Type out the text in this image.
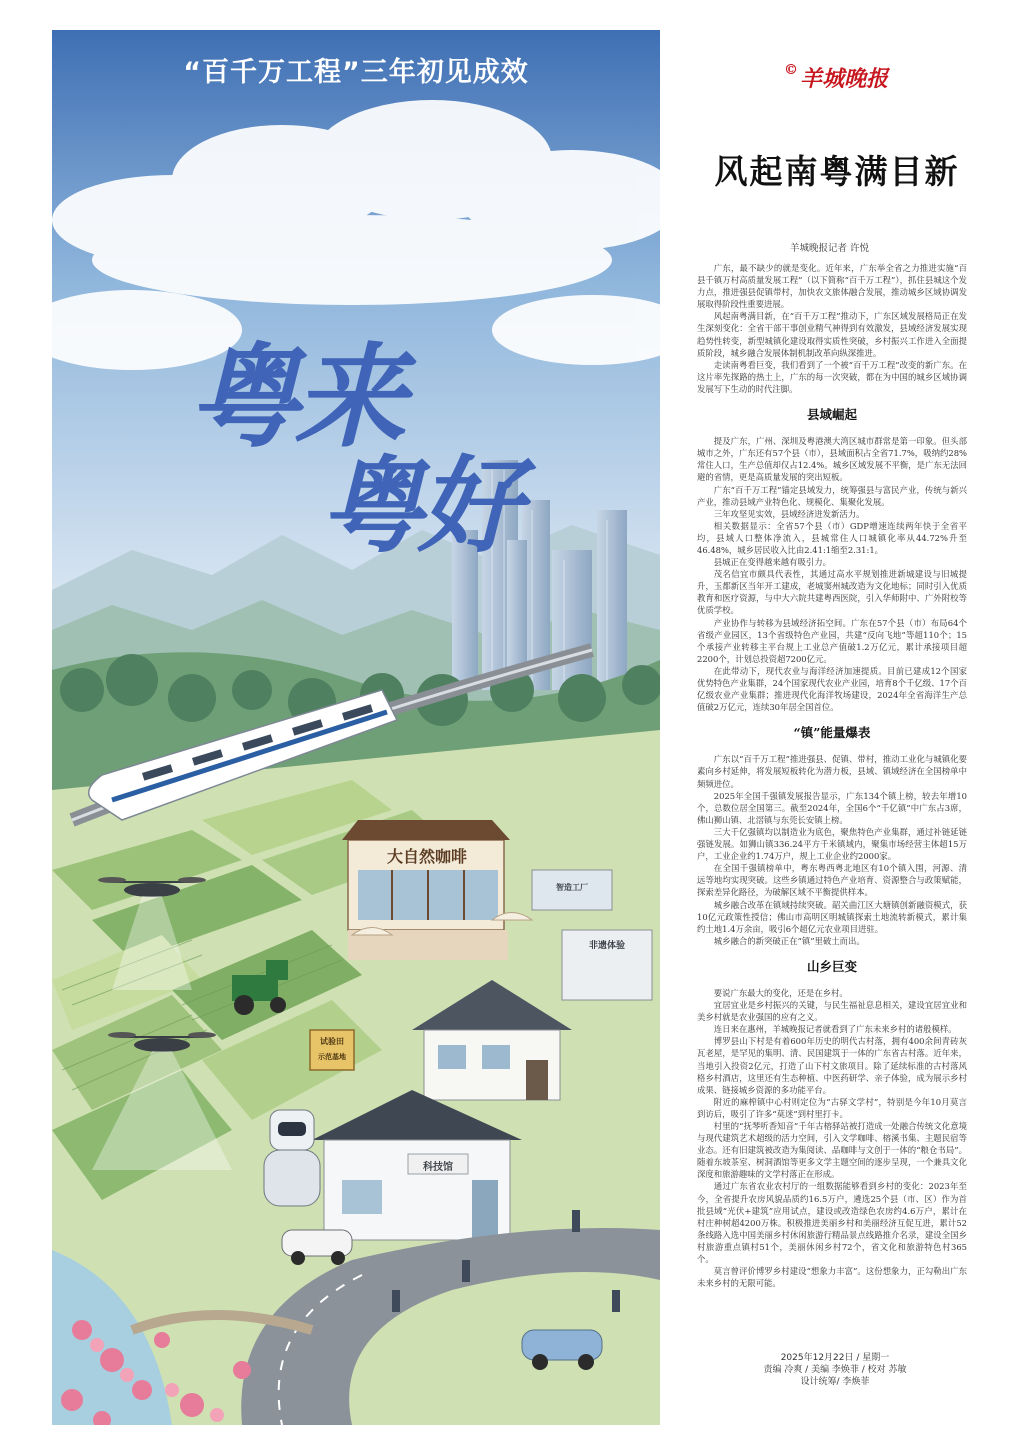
“百千万工程”三年初见成效
粤来
粤好
大自然咖啡
试验田
示范基地
科技馆
非遗体验
智造工厂
©羊城晚报
风起南粤满目新
羊城晚报记者 许悦

广东，最不缺少的就是变化。近年来，广东举全省之力推进实施“百县千镇万村高质量发展工程”（以下简称“百千万工程”），抓住县城这个发力点，推进强县促镇带村，加快农文旅体融合发展，推动城乡区域协调发展取得阶段性重要进展。

风起南粤满目新，在“百千万工程”推动下，广东区域发展格局正在发生深刻变化：全省干部干事创业精气神得到有效激发，县域经济发展实现趋势性转变，新型城镇化建设取得实质性突破，乡村振兴工作进入全面提质阶段，城乡融合发展体制机制改革向纵深推进。

走读南粤看巨变，我们看到了一个被“百千万工程”改变的新广东。在这片率先探路的热土上，广东的每一次突破，都在为中国的城乡区域协调发展写下生动的时代注脚。

县域崛起

提及广东，广州、深圳及粤港澳大湾区城市群常是第一印象。但头部城市之外，广东还有57个县（市），县域面积占全省71.7%，吸纳约28%常住人口，生产总值却仅占12.4%。城乡区域发展不平衡，是广东无法回避的省情，更是高质量发展的突出短板。

广东“百千万工程”锚定县域发力，统筹强县与富民产业，传统与新兴产业，推动县域产业特色化、规模化、集聚化发展。

三年攻坚见实效，县域经济迸发新活力。

相关数据显示：全省57个县（市）GDP增速连续两年快于全省平均，县域人口整体净流入，县城常住人口城镇化率从44.72%升至46.48%，城乡居民收入比由2.41:1缩至2.31:1。

县城正在变得越来越有吸引力。

茂名信宜市颇具代表性，其通过高水平规划推进新城建设与旧城提升，玉都新区当年开工建成，老城窦州城改造为文化地标；同时引入优质教育和医疗资源，与中大六院共建粤西医院，引入华师附中、广外附校等优质学校。

产业协作与转移为县域经济拓空间。广东在57个县（市）布局64个省级产业园区，13个省级特色产业园，共建“反向飞地”等超110个；15个承接产业转移主平台规上工业总产值破1.2万亿元，累计承接项目超2200个，计划总投资超7200亿元。

在此带动下，现代农业与海洋经济加速提质。目前已建成12个国家优势特色产业集群，24个国家现代农业产业园，培育8个千亿级、17个百亿级农业产业集群；推进现代化海洋牧场建设，2024年全省海洋生产总值破2万亿元，连续30年居全国首位。

“镇”能量爆表

广东以“百千万工程”推进强县、促镇、带村，推动工业化与城镇化要素向乡村延伸，将发展短板转化为潜力板，县域、镇域经济在全国榜单中频频进位。

2025年全国千强镇发展报告显示，广东134个镇上榜，较去年增10个，总数位居全国第三。截至2024年，全国6个“千亿镇”中广东占3席，佛山狮山镇、北滘镇与东莞长安镇上榜。

三大千亿强镇均以制造业为底色，聚焦特色产业集群，通过补链延链强链发展。如狮山镇336.24平方千米镇域内，聚集市场经营主体超15万户，工业企业约1.74万户，规上工业企业约2000家。

在全国千强镇榜单中，粤东粤西粤北地区有10个镇入围，河源、清远等地均实现突破。这些乡镇通过特色产业培育、资源整合与政策赋能，探索差异化路径，为破解区域不平衡提供样本。

城乡融合改革在镇域持续突破。韶关曲江区大塘镇创新融资模式，获10亿元政策性授信；佛山市高明区明城镇探索土地流转新模式，累计集约土地1.4万余亩，吸引6个超亿元农业项目进驻。

城乡融合的新突破正在“镇”里破土而出。

山乡巨变

要说广东最大的变化，还是在乡村。

宜居宜业是乡村振兴的关键，与民生福祉息息相关，建设宜居宜业和美乡村就是农业强国的应有之义。

连日来在惠州，羊城晚报记者就看到了广东未来乡村的诸般模样。

博罗县山下村是有着600年历史的明代古村落，拥有400余间青砖灰瓦老屋，是罕见的集明、清、民国建筑于一体的广东省古村落。近年来，当地引入投资2亿元，打造了山下村文旅项目。除了延续标准的古村落风格乡村酒店，这里还有生态种植、中医药研学、亲子体验，成为展示乡村成果、链接城乡资源的多功能平台。

附近的麻榨镇中心村则定位为“古驿文学村”，特别是今年10月莫言到访后，吸引了许多“莫迷”到村里打卡。

村里的“抚琴听香知音”千年古榕驿站被打造成一处融合传统文化意境与现代建筑艺术超级的活力空间，引入文学咖啡、榕溪书集、主题民宿等业态。还有旧建筑被改造为集阅读、品咖啡与文创于一体的“粮仓书局”。随着东坡茶室、树洞酒馆等更多文学主题空间的逐步呈现，一个兼具文化深度和旅游趣味的文学村落正在形成。

通过广东省农业农村厅的一组数据能够看到乡村的变化：2023年至今，全省提升农房风貌品质约16.5万户，遴选25个县（市、区）作为首批县域“光伏+建筑”应用试点，建设或改造绿色农房约4.6万户，累计在村庄种树超4200万株。积极推进美丽乡村和美丽经济互促互进，累计52条线路入选中国美丽乡村休闲旅游行精品景点线路推介名录，建设全国乡村旅游重点镇村51个，美丽休闲乡村72个，省文化和旅游特色村365个。

莫言曾评价博罗乡村建设“想象力丰富”。这份想象力，正勾勒出广东未来乡村的无限可能。

2025年12月22日 / 星期一
责编 冷爽 / 美编 李焕菲 / 校对 苏敏
设计统筹/ 李焕菲
